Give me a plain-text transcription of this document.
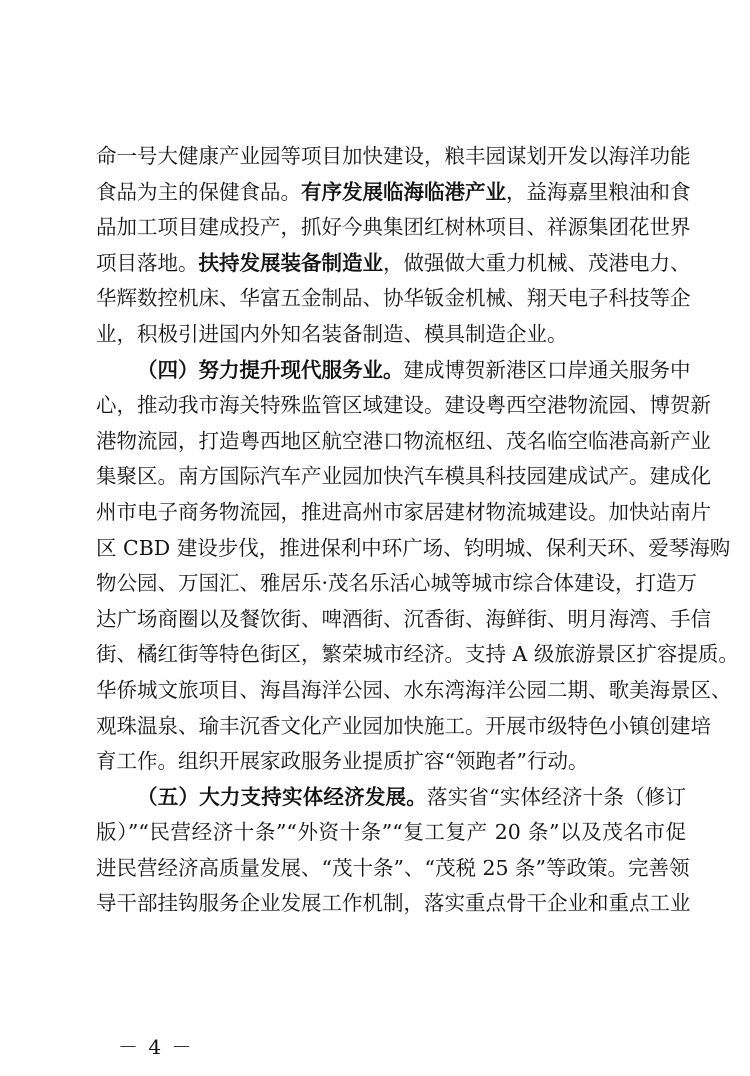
命一号大健康产业园等项目加快建设，粮丰园谋划开发以海洋功能
食品为主的保健食品。有序发展临海临港产业，益海嘉里粮油和食
品加工项目建成投产，抓好今典集团红树林项目、祥源集团花世界
项目落地。扶持发展装备制造业，做强做大重力机械、茂港电力、
华辉数控机床、华富五金制品、协华钣金机械、翔天电子科技等企
业，积极引进国内外知名装备制造、模具制造企业。
（四）努力提升现代服务业。建成博贺新港区口岸通关服务中
心，推动我市海关特殊监管区域建设。建设粤西空港物流园、博贺新
港物流园，打造粤西地区航空港口物流枢纽、茂名临空临港高新产业
集聚区。南方国际汽车产业园加快汽车模具科技园建成试产。建成化
州市电子商务物流园，推进高州市家居建材物流城建设。加快站南片
区 CBD 建设步伐，推进保利中环广场、钧明城、保利天环、爱琴海购
物公园、万国汇、雅居乐·茂名乐活心城等城市综合体建设，打造万
达广场商圈以及餐饮街、啤酒街、沉香街、海鲜街、明月海湾、手信
街、橘红街等特色街区，繁荣城市经济。支持 A 级旅游景区扩容提质。
华侨城文旅项目、海昌海洋公园、水东湾海洋公园二期、歌美海景区、
观珠温泉、瑜丰沉香文化产业园加快施工。开展市级特色小镇创建培
育工作。组织开展家政服务业提质扩容“领跑者”行动。
（五）大力支持实体经济发展。落实省“实体经济十条（修订
版）”“民营经济十条”“外资十条”“复工复产 20 条”以及茂名市促
进民营经济高质量发展、“茂十条”、“茂税 25 条”等政策。完善领
导干部挂钩服务企业发展工作机制，落实重点骨干企业和重点工业
－ 4 －
